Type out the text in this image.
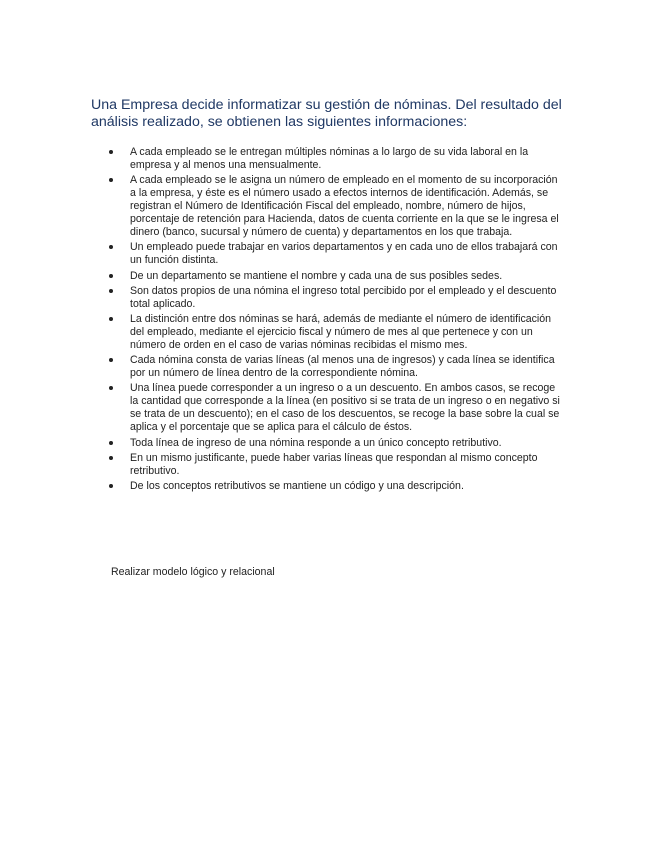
Una Empresa decide informatizar su gestión de nóminas. Del resultado del análisis realizado, se obtienen las siguientes informaciones:
A cada empleado se le entregan múltiples nóminas a lo largo de su vida laboral en la empresa y al menos una mensualmente.
A cada empleado se le asigna un número de empleado en el momento de su incorporación a la empresa, y éste es el número usado a efectos internos de identificación. Además, se registran el Número de Identificación Fiscal del empleado, nombre, número de hijos, porcentaje de retención para Hacienda, datos de cuenta corriente en la que se le ingresa el dinero (banco, sucursal y número de cuenta) y departamentos en los que trabaja.
Un empleado puede trabajar en varios departamentos y en cada uno de ellos trabajará con un función distinta.
De un departamento se mantiene el nombre y cada una de sus posibles sedes.
Son datos propios de una nómina el ingreso total percibido por el empleado y el descuento total aplicado.
La distinción entre dos nóminas se hará, además de mediante el número de identificación del empleado, mediante el ejercicio fiscal y número de mes al que pertenece y con un número de orden en el caso de varias nóminas recibidas el mismo mes.
Cada nómina consta de varias líneas (al menos una de ingresos) y cada línea se identifica por un número de línea dentro de la correspondiente nómina.
Una línea puede corresponder a un ingreso o a un descuento. En ambos casos, se recoge la cantidad que corresponde a la línea (en positivo si se trata de un ingreso o en negativo si se trata de un descuento); en el caso de los descuentos, se recoge la base sobre la cual se aplica y el porcentaje que se aplica para el cálculo de éstos.
Toda línea de ingreso de una nómina responde a un único concepto retributivo.
En un mismo justificante, puede haber varias líneas que respondan al mismo concepto retributivo.
De los conceptos retributivos se mantiene un código y una descripción.

Realizar modelo lógico y relacional
